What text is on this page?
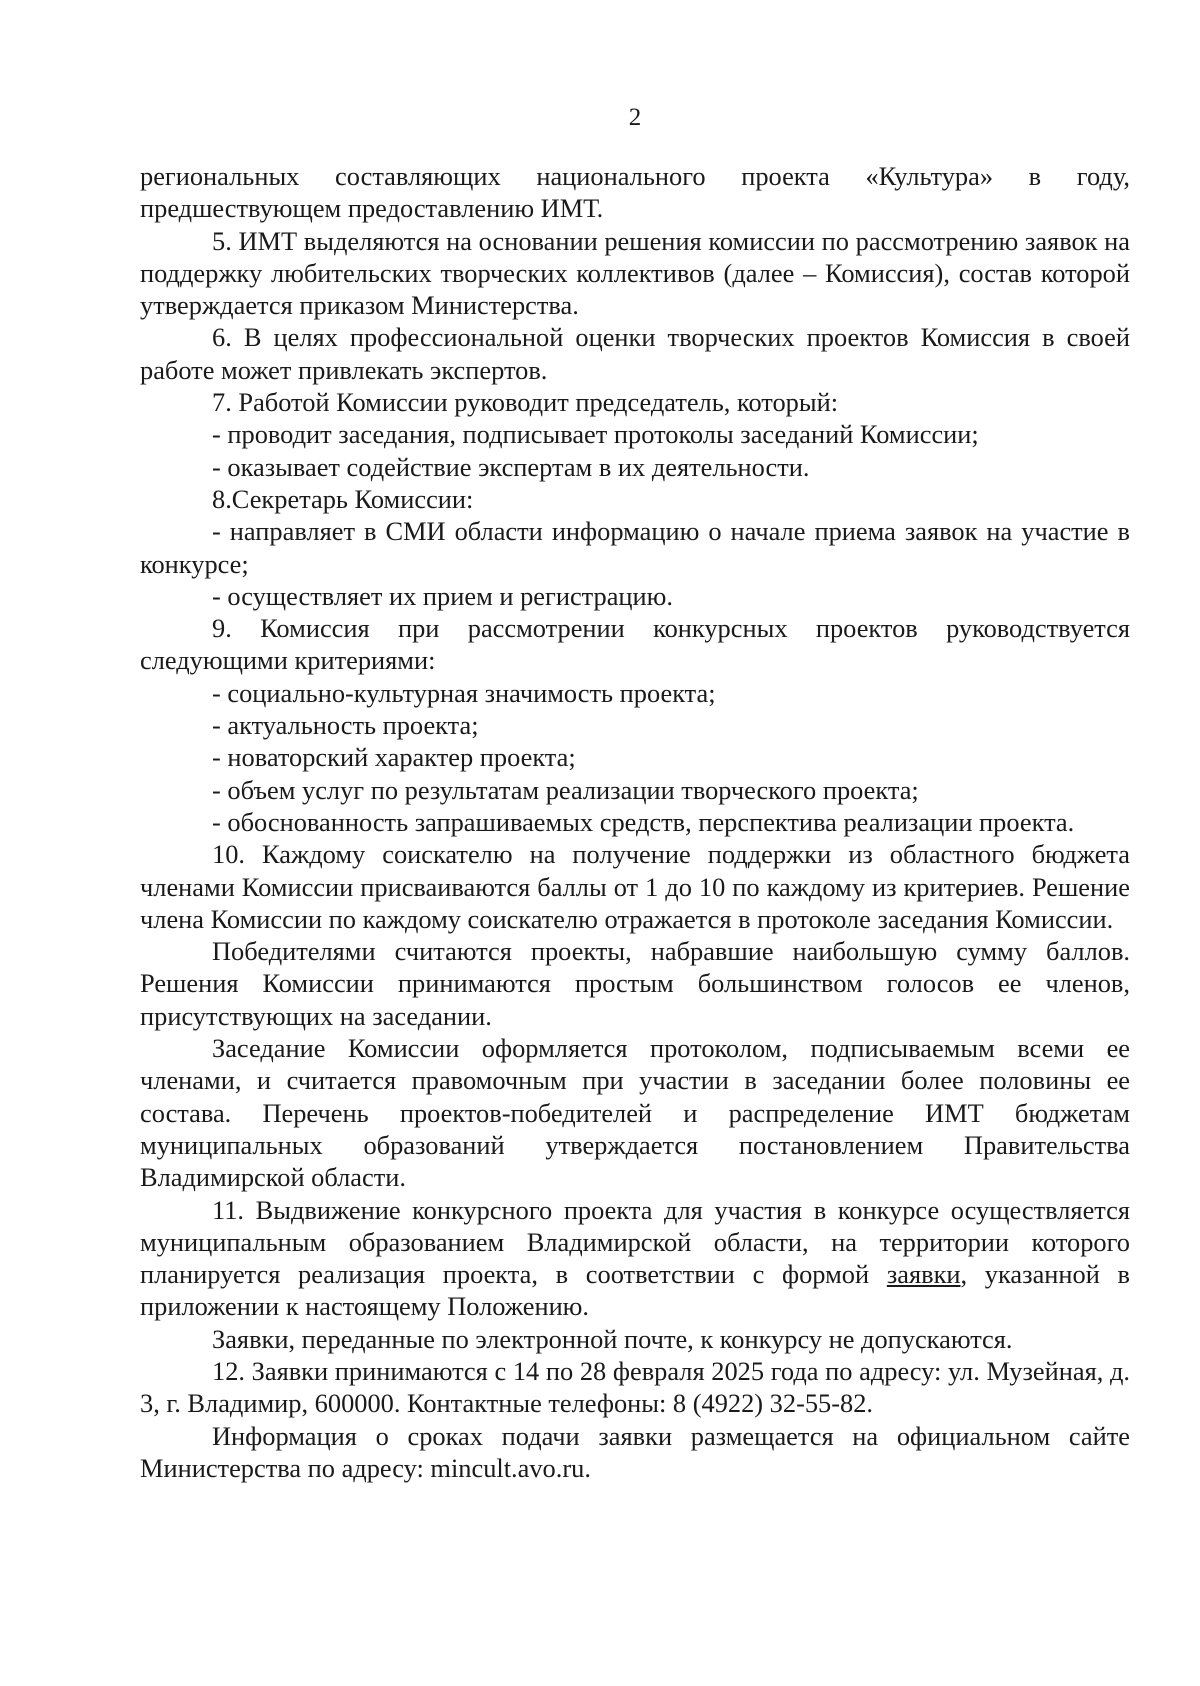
2

региональных составляющих национального проекта «Культура» в году, предшествующем предоставлению ИМТ.

5. ИМТ выделяются на основании решения комиссии по рассмотрению заявок на поддержку любительских творческих коллективов (далее – Комиссия), состав которой утверждается приказом Министерства.

6. В целях профессиональной оценки творческих проектов Комиссия в своей работе может привлекать экспертов.

7. Работой Комиссии руководит председатель, который:

- проводит заседания, подписывает протоколы заседаний Комиссии;

- оказывает содействие экспертам в их деятельности.

8.Секретарь Комиссии:

- направляет в СМИ области информацию о начале приема заявок на участие в конкурсе;

- осуществляет их прием и регистрацию.

9. Комиссия при рассмотрении конкурсных проектов руководствуется следующими критериями:

- социально-культурная значимость проекта;

- актуальность проекта;

- новаторский характер проекта;

- объем услуг по результатам реализации творческого проекта;

- обоснованность запрашиваемых средств, перспектива реализации проекта.

10. Каждому соискателю на получение поддержки из областного бюджета членами Комиссии присваиваются баллы от 1 до 10 по каждому из критериев. Решение члена Комиссии по каждому соискателю отражается в протоколе заседания Комиссии.

Победителями считаются проекты, набравшие наибольшую сумму баллов. Решения Комиссии принимаются простым большинством голосов ее членов, присутствующих на заседании.

Заседание Комиссии оформляется протоколом, подписываемым всеми ее членами, и считается правомочным при участии в заседании более половины ее состава. Перечень проектов-победителей и распределение ИМТ бюджетам муниципальных образований утверждается постановлением Правительства Владимирской области.

11. Выдвижение конкурсного проекта для участия в конкурсе осуществляется муниципальным образованием Владимирской области, на территории которого планируется реализация проекта, в соответствии с формой заявки, указанной в приложении к настоящему Положению.

Заявки, переданные по электронной почте, к конкурсу не допускаются.

12. Заявки принимаются с 14 по 28 февраля 2025 года по адресу: ул. Музейная, д. 3, г. Владимир, 600000. Контактные телефоны: 8 (4922) 32-55-82.

Информация о сроках подачи заявки размещается на официальном сайте Министерства по адресу: mincult.avo.ru.
